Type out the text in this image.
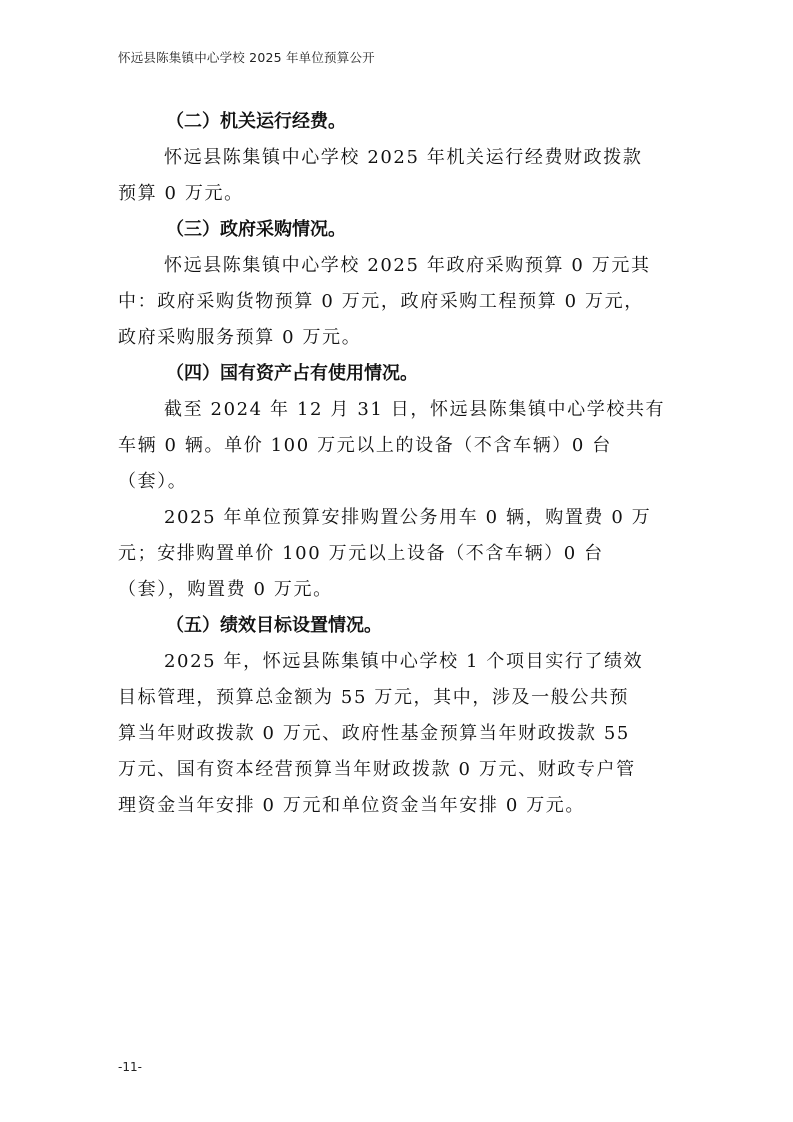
怀远县陈集镇中心学校 2025 年单位预算公开

（二）机关运行经费。

怀远县陈集镇中心学校 2025 年机关运行经费财政拨款
预算 0 万元。

（三）政府采购情况。

怀远县陈集镇中心学校 2025 年政府采购预算 0 万元其
中：政府采购货物预算 0 万元，政府采购工程预算 0 万元，
政府采购服务预算 0 万元。

（四）国有资产占有使用情况。

截至 2024 年 12 月 31 日，怀远县陈集镇中心学校共有
车辆 0 辆。单价 100 万元以上的设备（不含车辆）0 台
（套）。

2025 年单位预算安排购置公务用车 0 辆，购置费 0 万
元；安排购置单价 100 万元以上设备（不含车辆）0 台
（套），购置费 0 万元。

（五）绩效目标设置情况。

2025 年，怀远县陈集镇中心学校 1 个项目实行了绩效
目标管理，预算总金额为 55 万元，其中，涉及一般公共预
算当年财政拨款 0 万元、政府性基金预算当年财政拨款 55
万元、国有资本经营预算当年财政拨款 0 万元、财政专户管
理资金当年安排 0 万元和单位资金当年安排 0 万元。

-11-
